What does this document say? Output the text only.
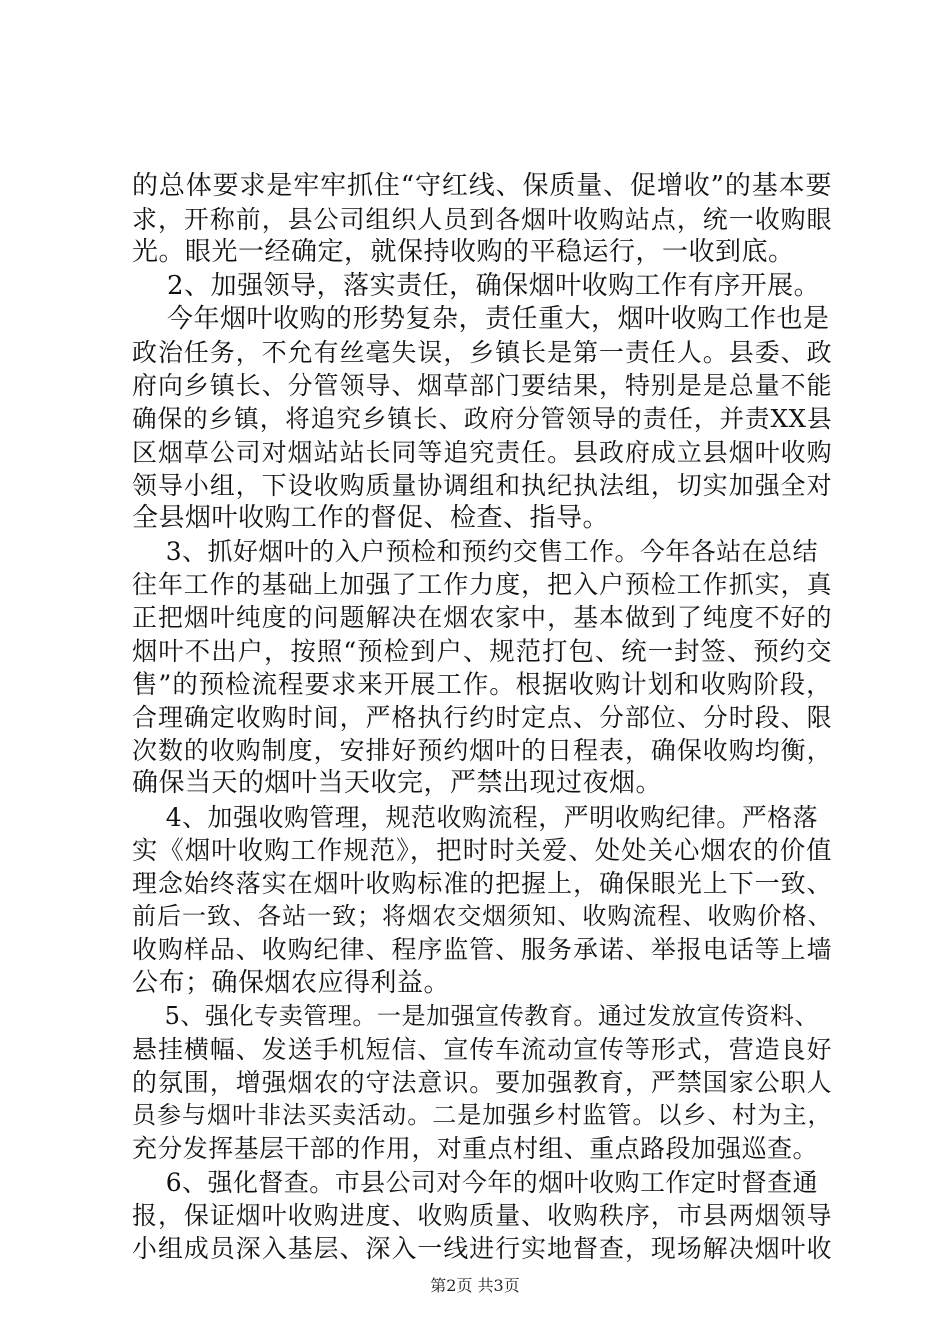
的总体要求是牢牢抓住“守红线、保质量、促增收”的基本要
求，开称前，县公司组织人员到各烟叶收购站点，统一收购眼
光。眼光一经确定，就保持收购的平稳运行，一收到底。
2、加强领导，落实责任，确保烟叶收购工作有序开展。
今年烟叶收购的形势复杂，责任重大，烟叶收购工作也是
政治任务，不允有丝毫失误，乡镇长是第一责任人。县委、政
府向乡镇长、分管领导、烟草部门要结果，特别是是总量不能
确保的乡镇，将追究乡镇长、政府分管领导的责任，并责XX县
区烟草公司对烟站站长同等追究责任。县政府成立县烟叶收购
领导小组，下设收购质量协调组和执纪执法组，切实加强全对
全县烟叶收购工作的督促、检查、指导。
3、抓好烟叶的入户预检和预约交售工作。今年各站在总结
往年工作的基础上加强了工作力度，把入户预检工作抓实，真
正把烟叶纯度的问题解决在烟农家中，基本做到了纯度不好的
烟叶不出户，按照“预检到户、规范打包、统一封签、预约交
售”的预检流程要求来开展工作。根据收购计划和收购阶段，
合理确定收购时间，严格执行约时定点、分部位、分时段、限
次数的收购制度，安排好预约烟叶的日程表，确保收购均衡，
确保当天的烟叶当天收完，严禁出现过夜烟。
4、加强收购管理，规范收购流程，严明收购纪律。严格落
实《烟叶收购工作规范》，把时时关爱、处处关心烟农的价值
理念始终落实在烟叶收购标准的把握上，确保眼光上下一致、
前后一致、各站一致；将烟农交烟须知、收购流程、收购价格、
收购样品、收购纪律、程序监管、服务承诺、举报电话等上墙
公布；确保烟农应得利益。
5、强化专卖管理。一是加强宣传教育。通过发放宣传资料、
悬挂横幅、发送手机短信、宣传车流动宣传等形式，营造良好
的氛围，增强烟农的守法意识。要加强教育，严禁国家公职人
员参与烟叶非法买卖活动。二是加强乡村监管。以乡、村为主，
充分发挥基层干部的作用，对重点村组、重点路段加强巡查。
6、强化督查。市县公司对今年的烟叶收购工作定时督查通
报，保证烟叶收购进度、收购质量、收购秩序，市县两烟领导
小组成员深入基层、深入一线进行实地督查，现场解决烟叶收
第2页 共3页
